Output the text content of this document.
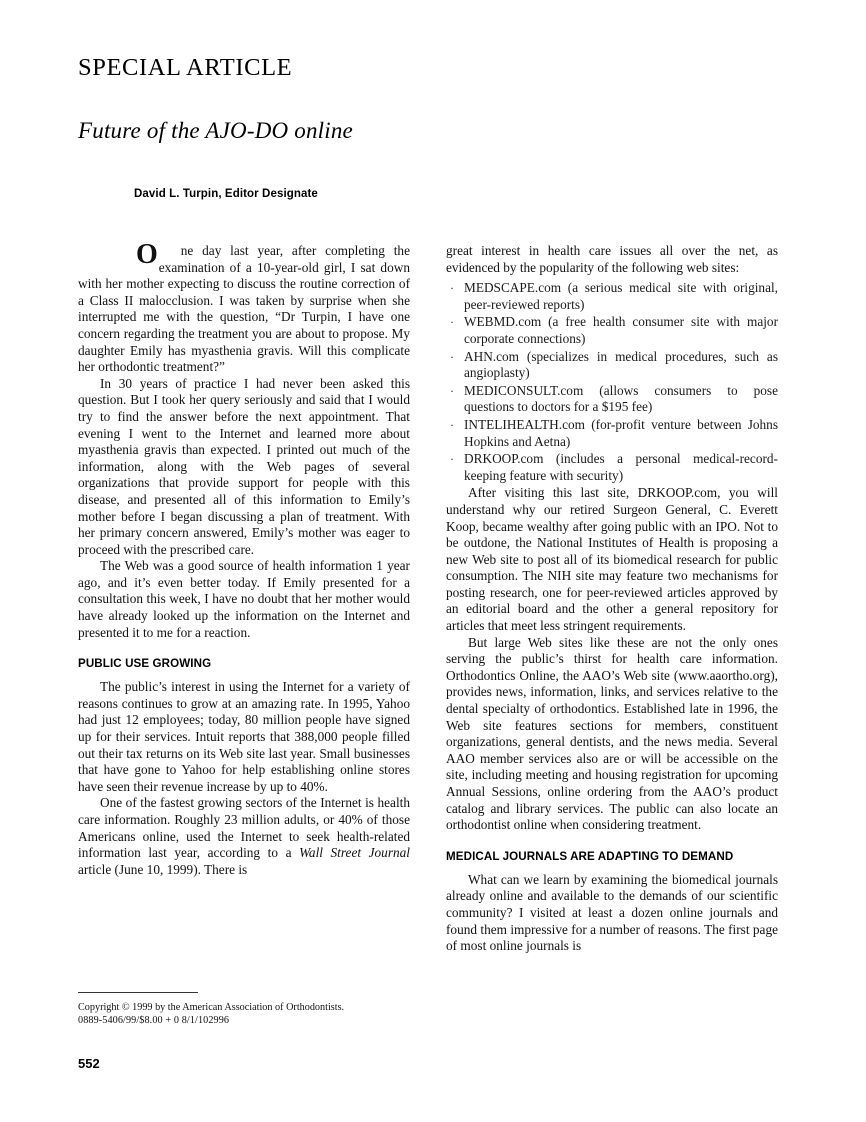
SPECIAL ARTICLE
Future of the AJO-DO online
David L. Turpin, Editor Designate

O ne day last year, after completing the examination of a 10-year-old girl, I sat down with her mother expecting to discuss the routine correction of a Class II malocclusion. I was taken by surprise when she interrupted me with the question, “Dr Turpin, I have one concern regarding the treatment you are about to propose. My daughter Emily has myasthenia gravis. Will this complicate her orthodontic treatment?”

In 30 years of practice I had never been asked this question. But I took her query seriously and said that I would try to find the answer before the next appointment. That evening I went to the Internet and learned more about myasthenia gravis than expected. I printed out much of the information, along with the Web pages of several organizations that provide support for people with this disease, and presented all of this information to Emily’s mother before I began discussing a plan of treatment. With her primary concern answered, Emily’s mother was eager to proceed with the prescribed care.

The Web was a good source of health information 1 year ago, and it’s even better today. If Emily presented for a consultation this week, I have no doubt that her mother would have already looked up the information on the Internet and presented it to me for a reaction.

PUBLIC USE GROWING

The public’s interest in using the Internet for a variety of reasons continues to grow at an amazing rate. In 1995, Yahoo had just 12 employees; today, 80 million people have signed up for their services. Intuit reports that 388,000 people filled out their tax returns on its Web site last year. Small businesses that have gone to Yahoo for help establishing online stores have seen their revenue increase by up to 40%.

One of the fastest growing sectors of the Internet is health care information. Roughly 23 million adults, or 40% of those Americans online, used the Internet to seek health-related information last year, according to a Wall Street Journal article (June 10, 1999). There is

great interest in health care issues all over the net, as evidenced by the popularity of the following web sites:

· MEDSCAPE.com (a serious medical site with original, peer-reviewed reports)
· WEBMD.com (a free health consumer site with major corporate connections)
· AHN.com (specializes in medical procedures, such as angioplasty)
· MEDICONSULT.com (allows consumers to pose questions to doctors for a $195 fee)
· INTELIHEALTH.com (for-profit venture between Johns Hopkins and Aetna)
· DRKOOP.com (includes a personal medical-record-keeping feature with security)

After visiting this last site, DRKOOP.com, you will understand why our retired Surgeon General, C. Everett Koop, became wealthy after going public with an IPO. Not to be outdone, the National Institutes of Health is proposing a new Web site to post all of its biomedical research for public consumption. The NIH site may feature two mechanisms for posting research, one for peer-reviewed articles approved by an editorial board and the other a general repository for articles that meet less stringent requirements.

But large Web sites like these are not the only ones serving the public’s thirst for health care information. Orthodontics Online, the AAO’s Web site (www.aaortho.org), provides news, information, links, and services relative to the dental specialty of orthodontics. Established late in 1996, the Web site features sections for members, constituent organizations, general dentists, and the news media. Several AAO member services also are or will be accessible on the site, including meeting and housing registration for upcoming Annual Sessions, online ordering from the AAO’s product catalog and library services. The public can also locate an orthodontist online when considering treatment.

MEDICAL JOURNALS ARE ADAPTING TO DEMAND

What can we learn by examining the biomedical journals already online and available to the demands of our scientific community? I visited at least a dozen online journals and found them impressive for a number of reasons. The first page of most online journals is

Copyright © 1999 by the American Association of Orthodontists.
0889-5406/99/$8.00 + 0 8/1/102996
552
